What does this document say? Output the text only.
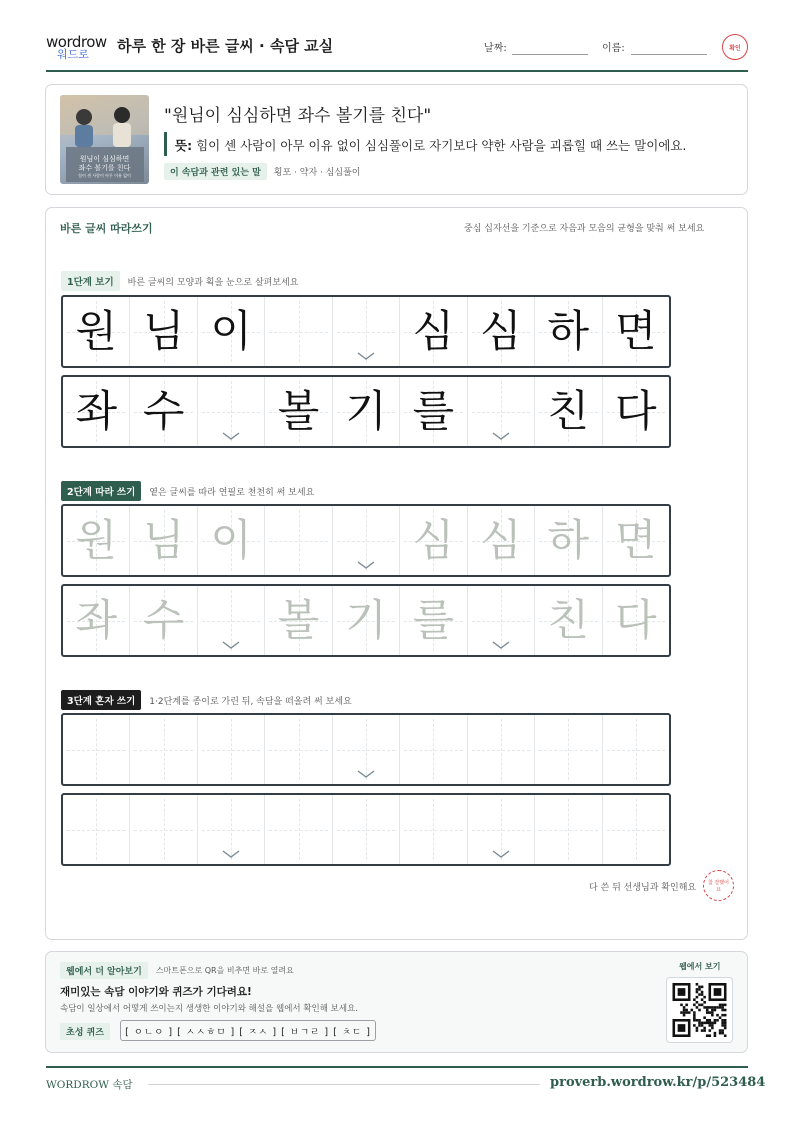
wordrow
워드로 하루 한 장 바른 글씨 · 속담 교실	날짜:	이름:	확인
원님이 심심하면
좌수 볼기를 친다
힘이 센 사람이 아무 이유 없이
"원님이 심심하면 좌수 볼기를 친다"
뜻: 힘이 센 사람이 아무 이유 없이 심심풀이로 자기보다 약한 사람을 괴롭힐 때 쓰는 말이에요.
이 속담과 관련 있는 말	횡포 · 약자 · 심심풀이
바른 글씨 따라쓰기	중심 십자선을 기준으로 자음과 모음의 균형을 맞춰 써 보세요
1단계 보기	바른 글씨의 모양과 획을 눈으로 살펴보세요
원 님 이	심 심 하 면
좌 수 볼 기 를 친 다
2단계 따라 쓰기	옅은 글씨를 따라 연필로 천천히 써 보세요
원 님 이	심 심 하 면
좌 수 볼 기 를 친 다
3단계 혼자 쓰기	1·2단계를 종이로 가린 뒤, 속담을 떠올려 써 보세요
다 쓴 뒤 선생님과 확인해요
참 잘했어요
웹에서 더 알아보기	스마트폰으로 QR을 비추면 바로 열려요
재미있는 속담 이야기와 퀴즈가 기다려요!
속담이 일상에서 어떻게 쓰이는지 생생한 이야기와 해설을 웹에서 확인해 보세요.
초성 퀴즈	[ ㅇㄴㅇ ] [ ㅅㅅㅎㅁ ] [ ㅈㅅ ] [ ㅂㄱㄹ ] [ ㅊㄷ ]
웹에서 보기
WORDROW 속담	proverb.wordrow.kr/p/523484
